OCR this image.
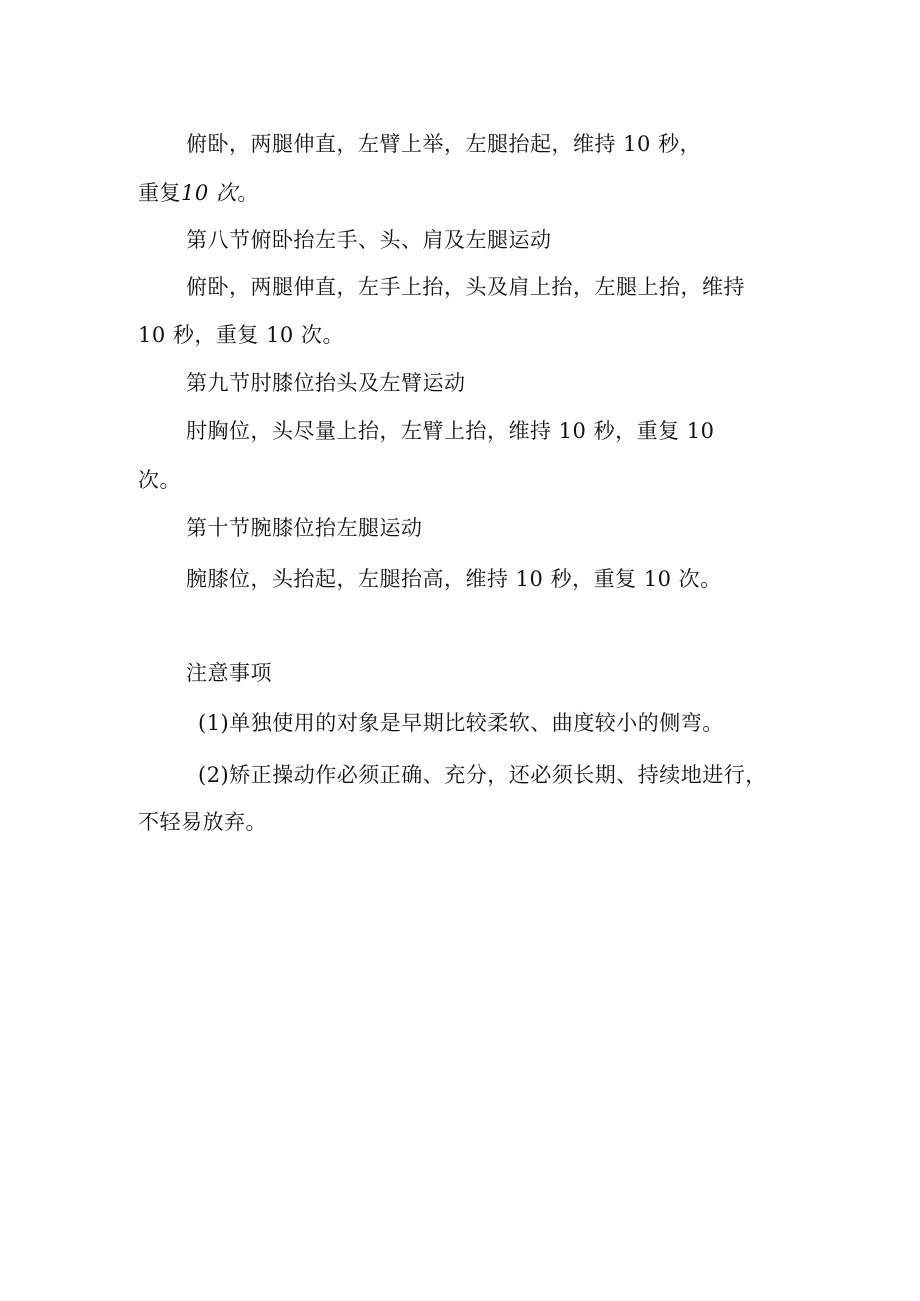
俯卧，两腿伸直，左臂上举，左腿抬起，维持 10 秒，
重复10 次。
第八节俯卧抬左手、头、肩及左腿运动
俯卧，两腿伸直，左手上抬，头及肩上抬，左腿上抬，维持
10 秒，重复 10 次。
第九节肘膝位抬头及左臂运动
肘胸位，头尽量上抬，左臂上抬，维持 10 秒，重复 10
次。
第十节腕膝位抬左腿运动
腕膝位，头抬起，左腿抬高，维持 10 秒，重复 10 次。
注意事项
(1)单独使用的对象是早期比较柔软、曲度较小的侧弯。
(2)矫正操动作必须正确、充分，还必须长期、持续地进行，
不轻易放弃。
